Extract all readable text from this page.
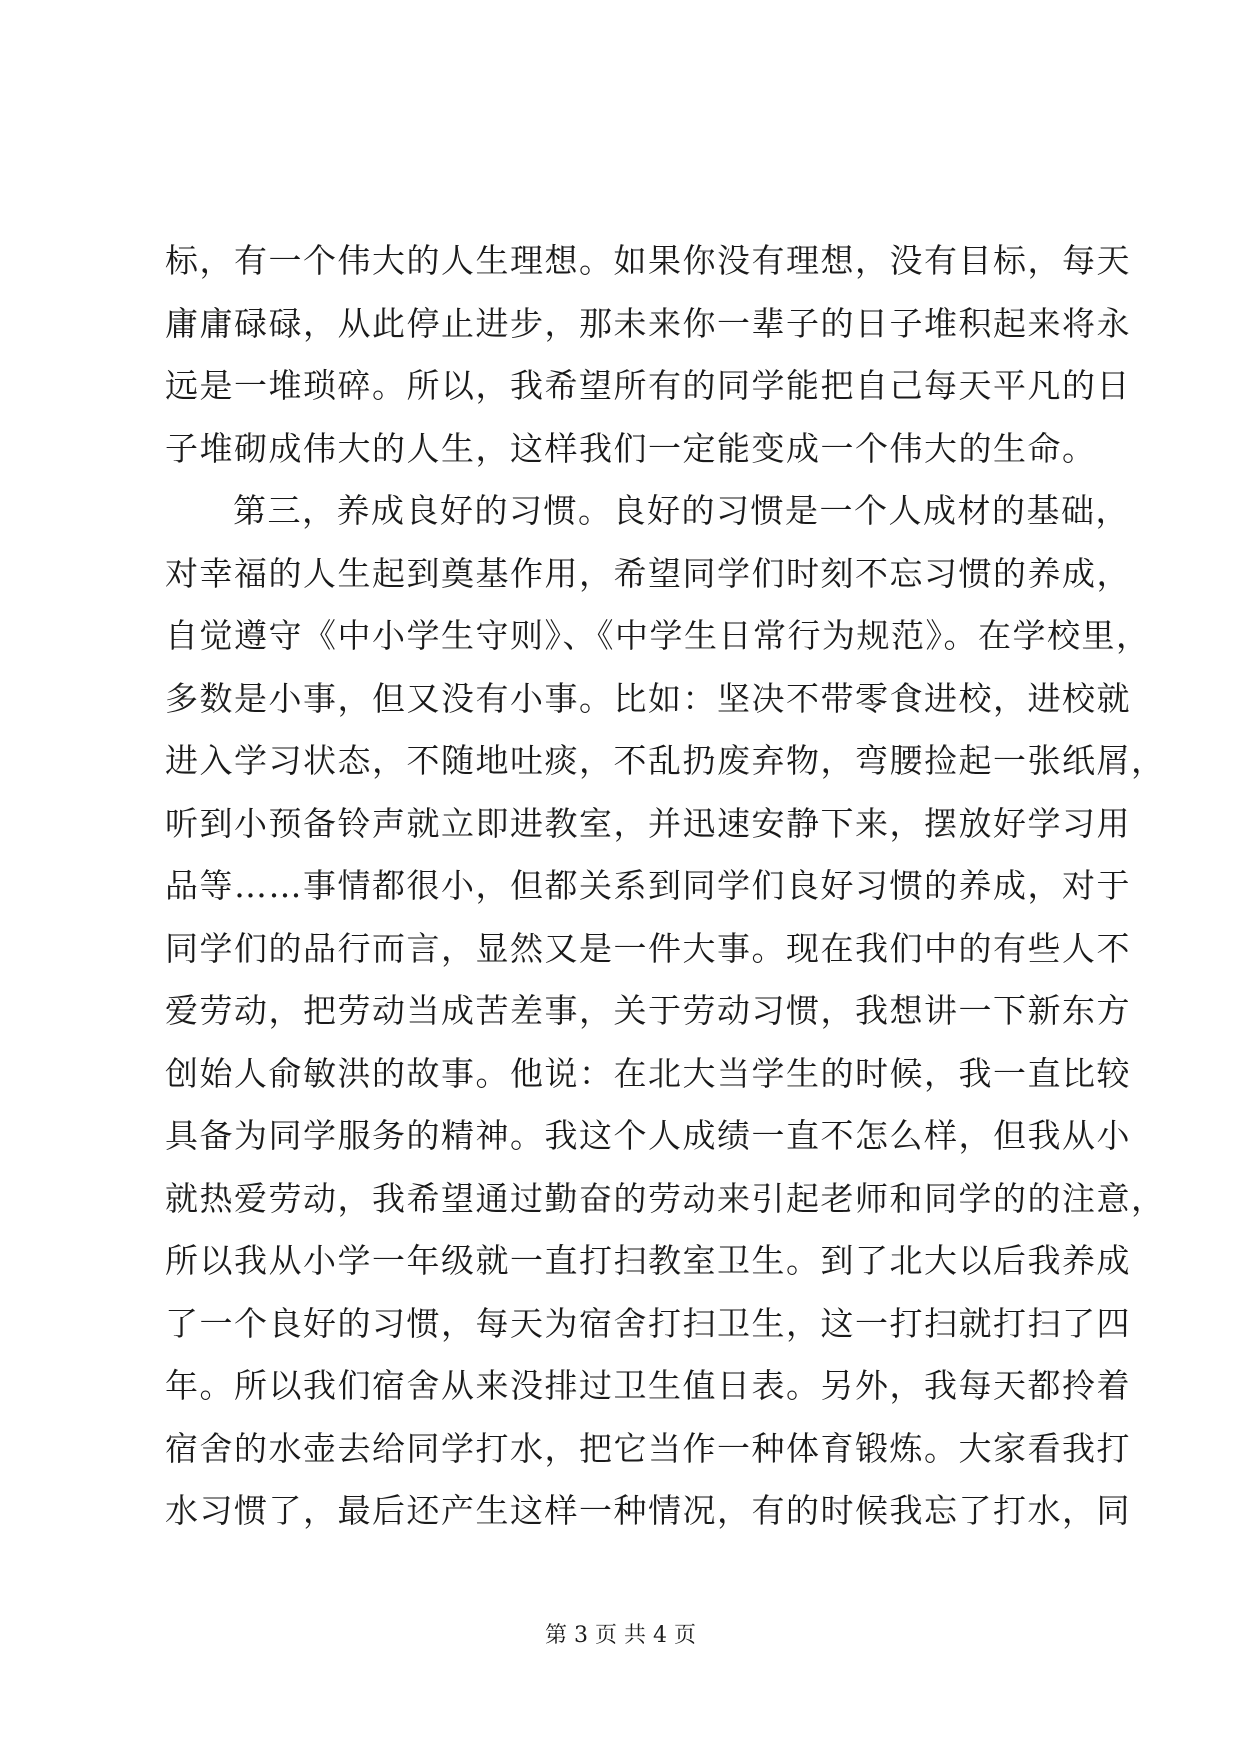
标，有一个伟大的人生理想。如果你没有理想，没有目标，每天
庸庸碌碌，从此停止进步，那未来你一辈子的日子堆积起来将永
远是一堆琐碎。所以，我希望所有的同学能把自己每天平凡的日
子堆砌成伟大的人生，这样我们一定能变成一个伟大的生命。
第三，养成良好的习惯。良好的习惯是一个人成材的基础，
对幸福的人生起到奠基作用，希望同学们时刻不忘习惯的养成，
自觉遵守《中小学生守则》、《中学生日常行为规范》。在学校里，
多数是小事，但又没有小事。比如：坚决不带零食进校，进校就
进入学习状态，不随地吐痰，不乱扔废弃物，弯腰捡起一张纸屑，
听到小预备铃声就立即进教室，并迅速安静下来，摆放好学习用
品等……事情都很小，但都关系到同学们良好习惯的养成，对于
同学们的品行而言，显然又是一件大事。现在我们中的有些人不
爱劳动，把劳动当成苦差事，关于劳动习惯，我想讲一下新东方
创始人俞敏洪的故事。他说：在北大当学生的时候，我一直比较
具备为同学服务的精神。我这个人成绩一直不怎么样，但我从小
就热爱劳动，我希望通过勤奋的劳动来引起老师和同学的的注意，
所以我从小学一年级就一直打扫教室卫生。到了北大以后我养成
了一个良好的习惯，每天为宿舍打扫卫生，这一打扫就打扫了四
年。所以我们宿舍从来没排过卫生值日表。另外，我每天都拎着
宿舍的水壶去给同学打水，把它当作一种体育锻炼。大家看我打
水习惯了，最后还产生这样一种情况，有的时候我忘了打水，同
第 3 页 共 4 页
